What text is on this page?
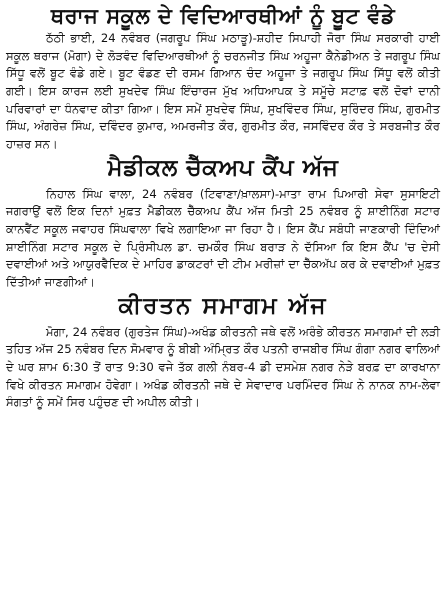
ਥਰਾਜ ਸਕੂਲ ਦੇ ਵਿਦਿਆਰਥੀਆਂ ਨੂੰ ਬੂਟ ਵੰਡੇ

ਠੱਠੀ ਭਾਈ, 24 ਨਵੰਬਰ (ਜਗਰੂਪ ਸਿੰਘ ਮਠਾੜੂ)-ਸ਼ਹੀਦ ਸਿਪਾਹੀ ਜੋਰਾ ਸਿੰਘ ਸਰਕਾਰੀ ਹਾਈ ਸਕੂਲ ਥਰਾਜ (ਮੋਗਾ) ਦੇ ਲੋੜਵੰਦ ਵਿਦਿਆਰਥੀਆਂ ਨੂੰ ਚਰਨਜੀਤ ਸਿੰਘ ਅਹੂਜਾ ਕੈਨੇਡੀਅਨ ਤੇ ਜਗਰੂਪ ਸਿੰਘ ਸਿੱਧੂ ਵਲੋਂ ਬੂਟ ਵੰਡੇ ਗਏ। ਬੂਟ ਵੰਡਣ ਦੀ ਰਸਮ ਗਿਆਨ ਚੰਦ ਅਹੂਜਾ ਤੇ ਜਗਰੂਪ ਸਿੰਘ ਸਿੱਧੂ ਵਲੋਂ ਕੀਤੀ ਗਈ। ਇਸ ਕਾਰਜ ਲਈ ਸੁਖਦੇਵ ਸਿੰਘ ਇੰਚਾਰਜ ਮੁੱਖ ਅਧਿਆਪਕ ਤੇ ਸਮੂੱਚੇ ਸਟਾਫ਼ ਵਲੋਂ ਦੋਵਾਂ ਦਾਨੀ ਪਰਿਵਾਰਾਂ ਦਾ ਧੰਨਵਾਦ ਕੀਤਾ ਗਿਆ। ਇਸ ਸਮੇਂ ਸੁਖਦੇਵ ਸਿੰਘ, ਸੁਖਵਿੰਦਰ ਸਿੰਘ, ਸੁਰਿੰਦਰ ਸਿੰਘ, ਗੁਰਮੀਤ ਸਿੰਘ, ਅੰਗਰੇਜ਼ ਸਿੰਘ, ਦਵਿੰਦਰ ਕੁਮਾਰ, ਅਮਰਜੀਤ ਕੌਰ, ਗੁਰਮੀਤ ਕੌਰ, ਜਸਵਿੰਦਰ ਕੌਰ ਤੇ ਸਰਬਜੀਤ ਕੌਰ ਹਾਜ਼ਰ ਸਨ।

ਮੈਡੀਕਲ ਚੈੱਕਅਪ ਕੈਂਪ ਅੱਜ

ਨਿਹਾਲ ਸਿੰਘ ਵਾਲਾ, 24 ਨਵੰਬਰ (ਟਿਵਾਣਾ/ਖ਼ਾਲਸਾ)-ਮਾਤਾ ਰਾਮ ਪਿਆਰੀ ਸੇਵਾ ਸੁਸਾਇਟੀ ਜਗਰਾਉਂ ਵਲੋਂ ਇਕ ਦਿਨਾਂ ਮੁਫ਼ਤ ਮੈਡੀਕਲ ਚੈੱਕਅਪ ਕੈਂਪ ਅੱਜ ਮਿਤੀ 25 ਨਵੰਬਰ ਨੂੰ ਸ਼ਾਈਨਿੰਗ ਸਟਾਰ ਕਾਨਵੈਂਟ ਸਕੂਲ ਜਵਾਹਰ ਸਿੰਘਵਾਲਾ ਵਿਖੇ ਲਗਾਇਆ ਜਾ ਰਿਹਾ ਹੈ। ਇਸ ਕੈਂਪ ਸਬੰਧੀ ਜਾਣਕਾਰੀ ਦਿੰਦਿਆਂ ਸ਼ਾਈਨਿੰਗ ਸਟਾਰ ਸਕੂਲ ਦੇ ਪ੍ਰਿੰਸੀਪਲ ਡਾ. ਚਮਕੌਰ ਸਿੰਘ ਬਰਾੜ ਨੇ ਦੱਸਿਆ ਕਿ ਇਸ ਕੈਂਪ 'ਚ ਦੇਸੀ ਦਵਾਈਆਂ ਅਤੇ ਆਯੁਰਵੈਦਿਕ ਦੇ ਮਾਹਿਰ ਡਾਕਟਰਾਂ ਦੀ ਟੀਮ ਮਰੀਜ਼ਾਂ ਦਾ ਚੈੱਕਅੱਪ ਕਰ ਕੇ ਦਵਾਈਆਂ ਮੁਫ਼ਤ ਦਿੱਤੀਆਂ ਜਾਣਗੀਆਂ।

ਕੀਰਤਨ ਸਮਾਗਮ ਅੱਜ

ਮੋਗਾ, 24 ਨਵੰਬਰ (ਗੁਰਤੇਜ ਸਿੰਘ)-ਅਖੰਡ ਕੀਰਤਨੀ ਜਥੇ ਵਲੋਂ ਅਰੰਭੇ ਕੀਰਤਨ ਸਮਾਗਮਾਂ ਦੀ ਲੜੀ ਤਹਿਤ ਅੱਜ 25 ਨਵੰਬਰ ਦਿਨ ਸੋਮਵਾਰ ਨੂੰ ਬੀਬੀ ਅੰਮ੍ਰਿਤ ਕੌਰ ਪਤਨੀ ਰਾਜਬੀਰ ਸਿੰਘ ਗੰਗਾ ਨਗਰ ਵਾਲਿਆਂ ਦੇ ਘਰ ਸ਼ਾਮ 6:30 ਤੋਂ ਰਾਤ 9:30 ਵਜੇ ਤੱਕ ਗਲੀ ਨੰਬਰ-4 ਡੀ ਦਸਮੇਸ਼ ਨਗਰ ਨੇੜੇ ਬਰਫ਼ ਦਾ ਕਾਰਖਾਨਾ ਵਿਖੇ ਕੀਰਤਨ ਸਮਾਗਮ ਹੋਵੇਗਾ। ਅਖੰਡ ਕੀਰਤਨੀ ਜਥੇ ਦੇ ਸੇਵਾਦਾਰ ਪਰਮਿੰਦਰ ਸਿੰਘ ਨੇ ਨਾਨਕ ਨਾਮ-ਲੇਵਾ ਸੰਗਤਾਂ ਨੂੰ ਸਮੇਂ ਸਿਰ ਪਹੁੰਚਣ ਦੀ ਅਪੀਲ ਕੀਤੀ।
